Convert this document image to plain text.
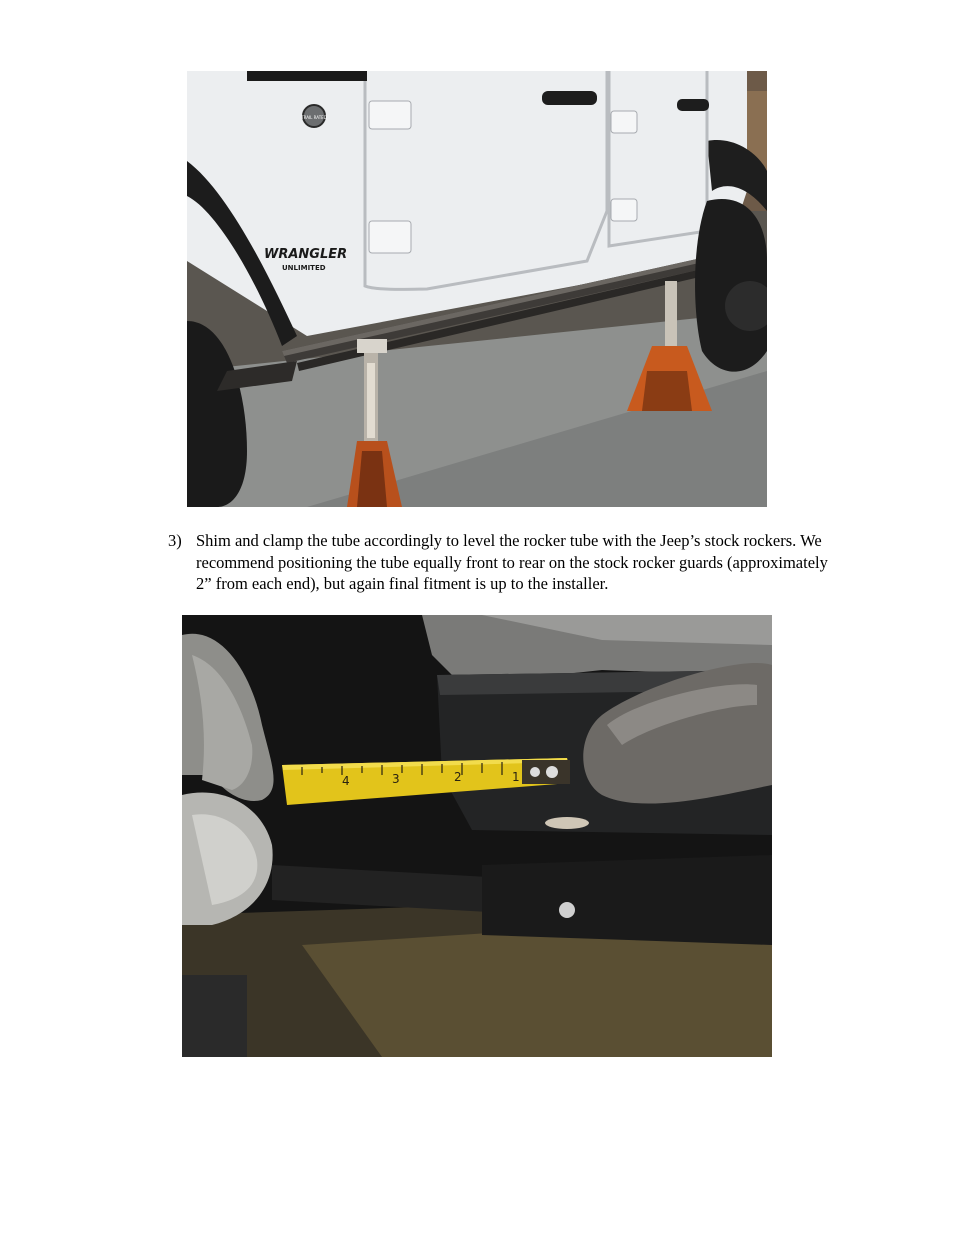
TRAIL RATED
WRANGLER
UNLIMITED
3) Shim and clamp the tube accordingly to level the rocker tube with the Jeep’s stock rockers. We recommend positioning the tube equally front to rear on the stock rocker guards (approximately 2” from each end), but again final fitment is up to the installer.
1
2
3
4
